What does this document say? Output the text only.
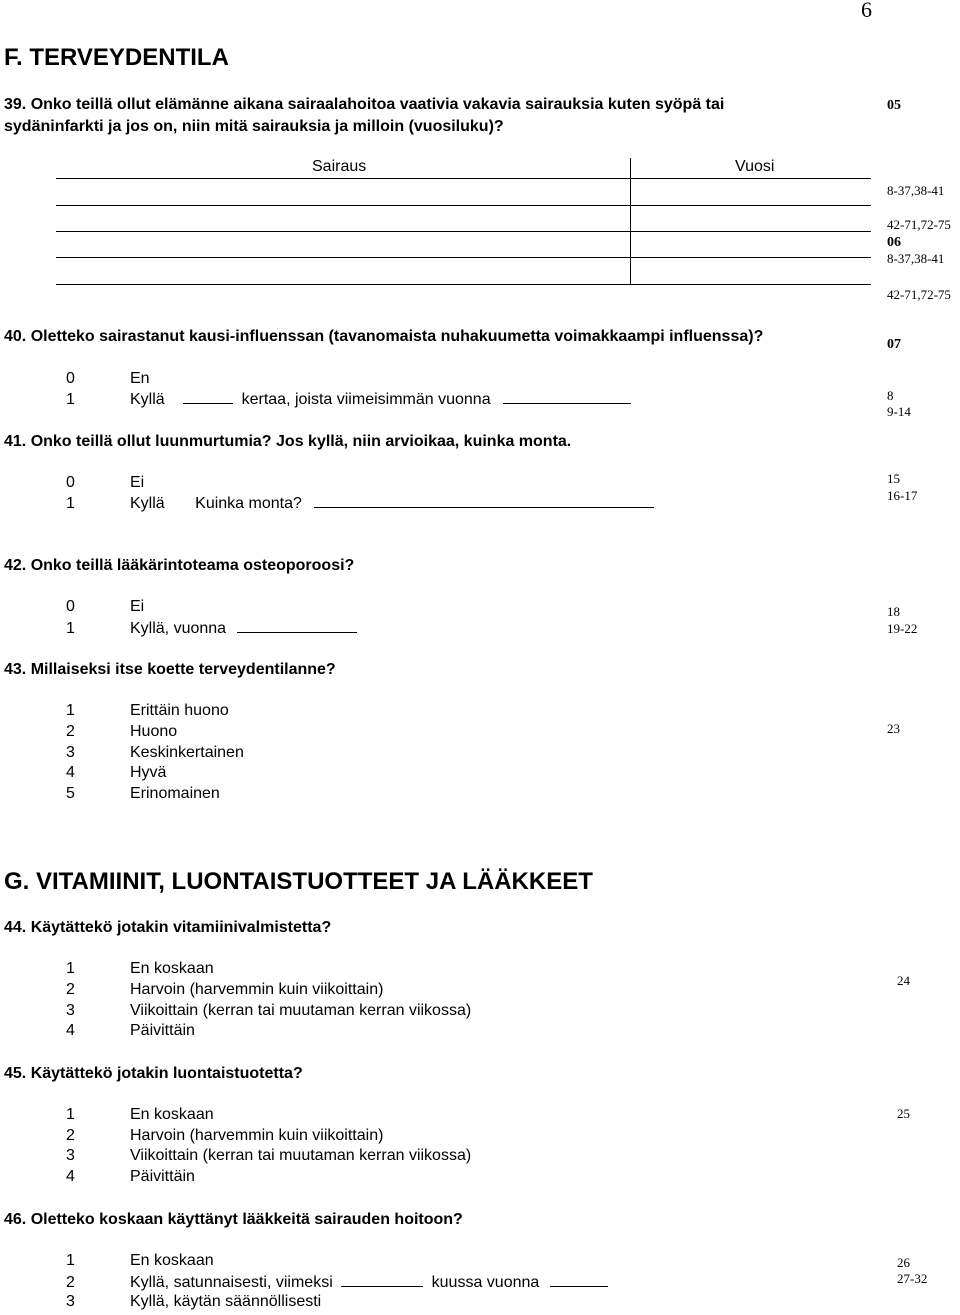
6
F. TERVEYDENTILA
39. Onko teillä ollut elämänne aikana sairaalahoitoa vaativia vakavia sairauksia kuten syöpä tai
sydäninfarkti ja jos on, niin mitä sairauksia ja milloin (vuosiluku)?
Sairaus	Vuosi
05
8-37,38-41
42-71,72-75
06
8-37,38-41
42-71,72-75
40. Oletteko sairastanut kausi-influenssan (tavanomaista nuhakuumetta voimakkaampi influenssa)?
0	En
1	Kyllä	kertaa, joista viimeisimmän vuonna
07
8
9-14
41. Onko teillä ollut luunmurtumia? Jos kyllä, niin arvioikaa, kuinka monta.
0	Ei
1	Kyllä Kuinka monta?
15
16-17
42. Onko teillä lääkärintoteama osteoporoosi?
0	Ei
1	Kyllä, vuonna
18
19-22
43. Millaiseksi itse koette terveydentilanne?
1	Erittäin huono
2	Huono
3	Keskinkertainen
4	Hyvä
5	Erinomainen
23
G. VITAMIINIT, LUONTAISTUOTTEET JA LÄÄKKEET
44. Käytättekö jotakin vitamiinivalmistetta?
1	En koskaan
2	Harvoin (harvemmin kuin viikoittain)
3	Viikoittain (kerran tai muutaman kerran viikossa)
4	Päivittäin
24
45. Käytättekö jotakin luontaistuotetta?
1	En koskaan
2	Harvoin (harvemmin kuin viikoittain)
3	Viikoittain (kerran tai muutaman kerran viikossa)
4	Päivittäin
25
46. Oletteko koskaan käyttänyt lääkkeitä sairauden hoitoon?
1	En koskaan
2	Kyllä, satunnaisesti, viimeksi	kuussa vuonna
3	Kyllä, käytän säännöllisesti
26
27-32
